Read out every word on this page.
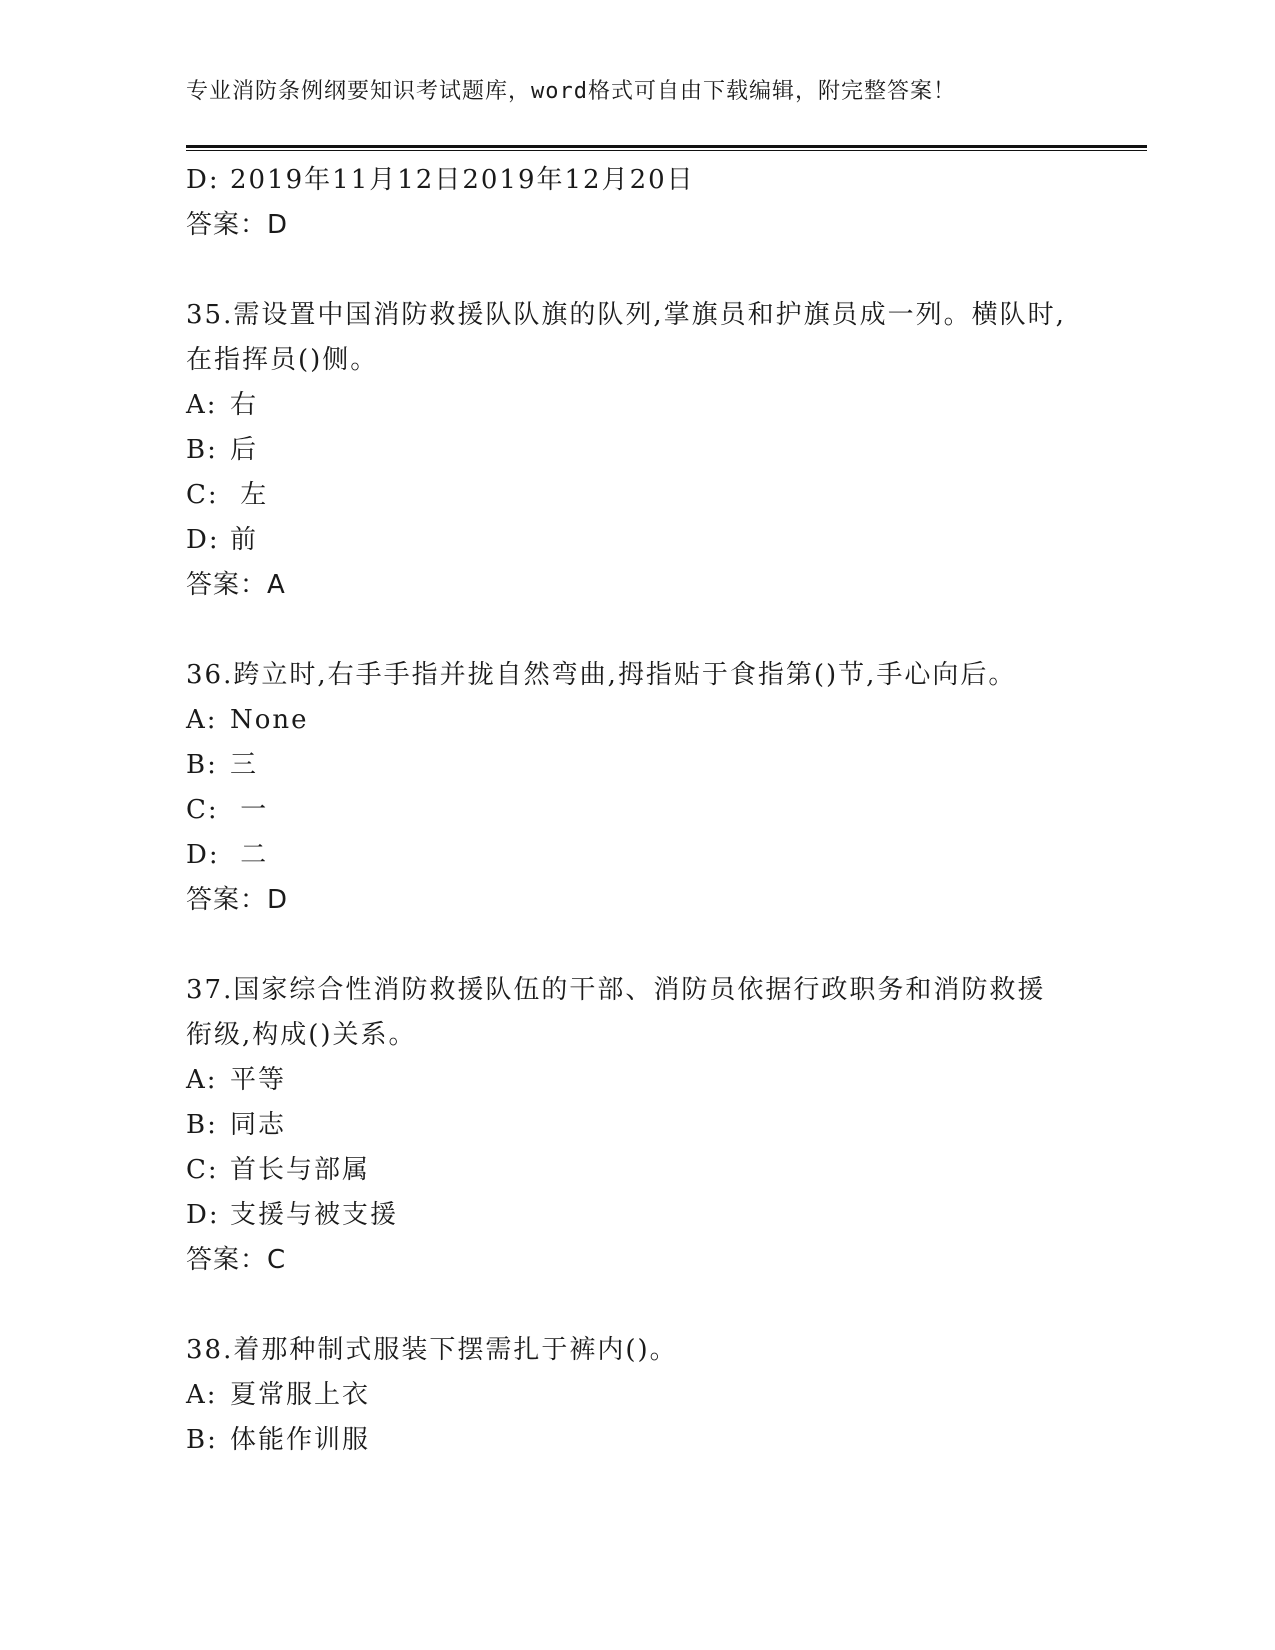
专业消防条例纲要知识考试题库，word格式可自由下载编辑，附完整答案！
D: 2019年11月12日2019年12月20日
答案：D
35.需设置中国消防救援队队旗的队列,掌旗员和护旗员成一列。横队时,在指挥员()侧。
A: 右
B: 后
C: 左
D: 前
答案：A
36.跨立时,右手手指并拢自然弯曲,拇指贴于食指第()节,手心向后。
A: None
B: 三
C: 一
D: 二
答案：D
37.国家综合性消防救援队伍的干部、消防员依据行政职务和消防救援衔级,构成()关系。
A: 平等
B: 同志
C: 首长与部属
D: 支援与被支援
答案：C
38.着那种制式服装下摆需扎于裤内()。
A: 夏常服上衣
B: 体能作训服
